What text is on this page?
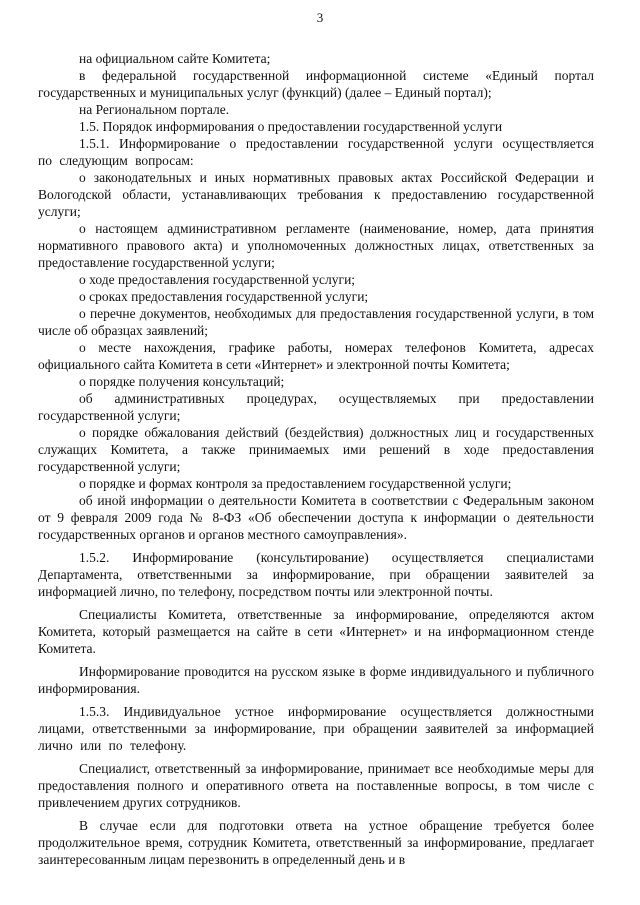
3

на официальном сайте Комитета;

в федеральной государственной информационной системе «Единый портал государственных и муниципальных услуг (функций) (далее – Единый портал);

на Региональном портале.

1.5. Порядок информирования о предоставлении государственной услуги

1.5.1. Информирование о предоставлении государственной услуги осуществляется по следующим вопросам:

о законодательных и иных нормативных правовых актах Российской Федерации и Вологодской области, устанавливающих требования к предоставлению государственной услуги;

о настоящем административном регламенте (наименование, номер, дата принятия нормативного правового акта) и уполномоченных должностных лицах, ответственных за предоставление государственной услуги;

о ходе предоставления государственной услуги;

о сроках предоставления государственной услуги;

о перечне документов, необходимых для предоставления государственной услуги, в том числе об образцах заявлений;

о месте нахождения, графике работы, номерах телефонов Комитета, адресах официального сайта Комитета в сети «Интернет» и электронной почты Комитета;

о порядке получения консультаций;

об административных процедурах, осуществляемых при предоставлении государственной услуги;

о порядке обжалования действий (бездействия) должностных лиц и государственных служащих Комитета, а также принимаемых ими решений в ходе предоставления государственной услуги;

о порядке и формах контроля за предоставлением государственной услуги;

об иной информации о деятельности Комитета в соответствии с Федеральным законом от 9 февраля 2009 года № 8-ФЗ «Об обеспечении доступа к информации о деятельности государственных органов и органов местного самоуправления».

1.5.2. Информирование (консультирование) осуществляется специалистами Департамента, ответственными за информирование, при обращении заявителей за информацией лично, по телефону, посредством почты или электронной почты.

Специалисты Комитета, ответственные за информирование, определяются актом Комитета, который размещается на сайте в сети «Интернет» и на информационном стенде Комитета.

Информирование проводится на русском языке в форме индивидуального и публичного информирования.

1.5.3. Индивидуальное устное информирование осуществляется должностными лицами, ответственными за информирование, при обращении заявителей за информацией лично или по телефону.

Специалист, ответственный за информирование, принимает все необходимые меры для предоставления полного и оперативного ответа на поставленные вопросы, в том числе с привлечением других сотрудников.

В случае если для подготовки ответа на устное обращение требуется более продолжительное время, сотрудник Комитета, ответственный за информирование, предлагает заинтересованным лицам перезвонить в определенный день и в
